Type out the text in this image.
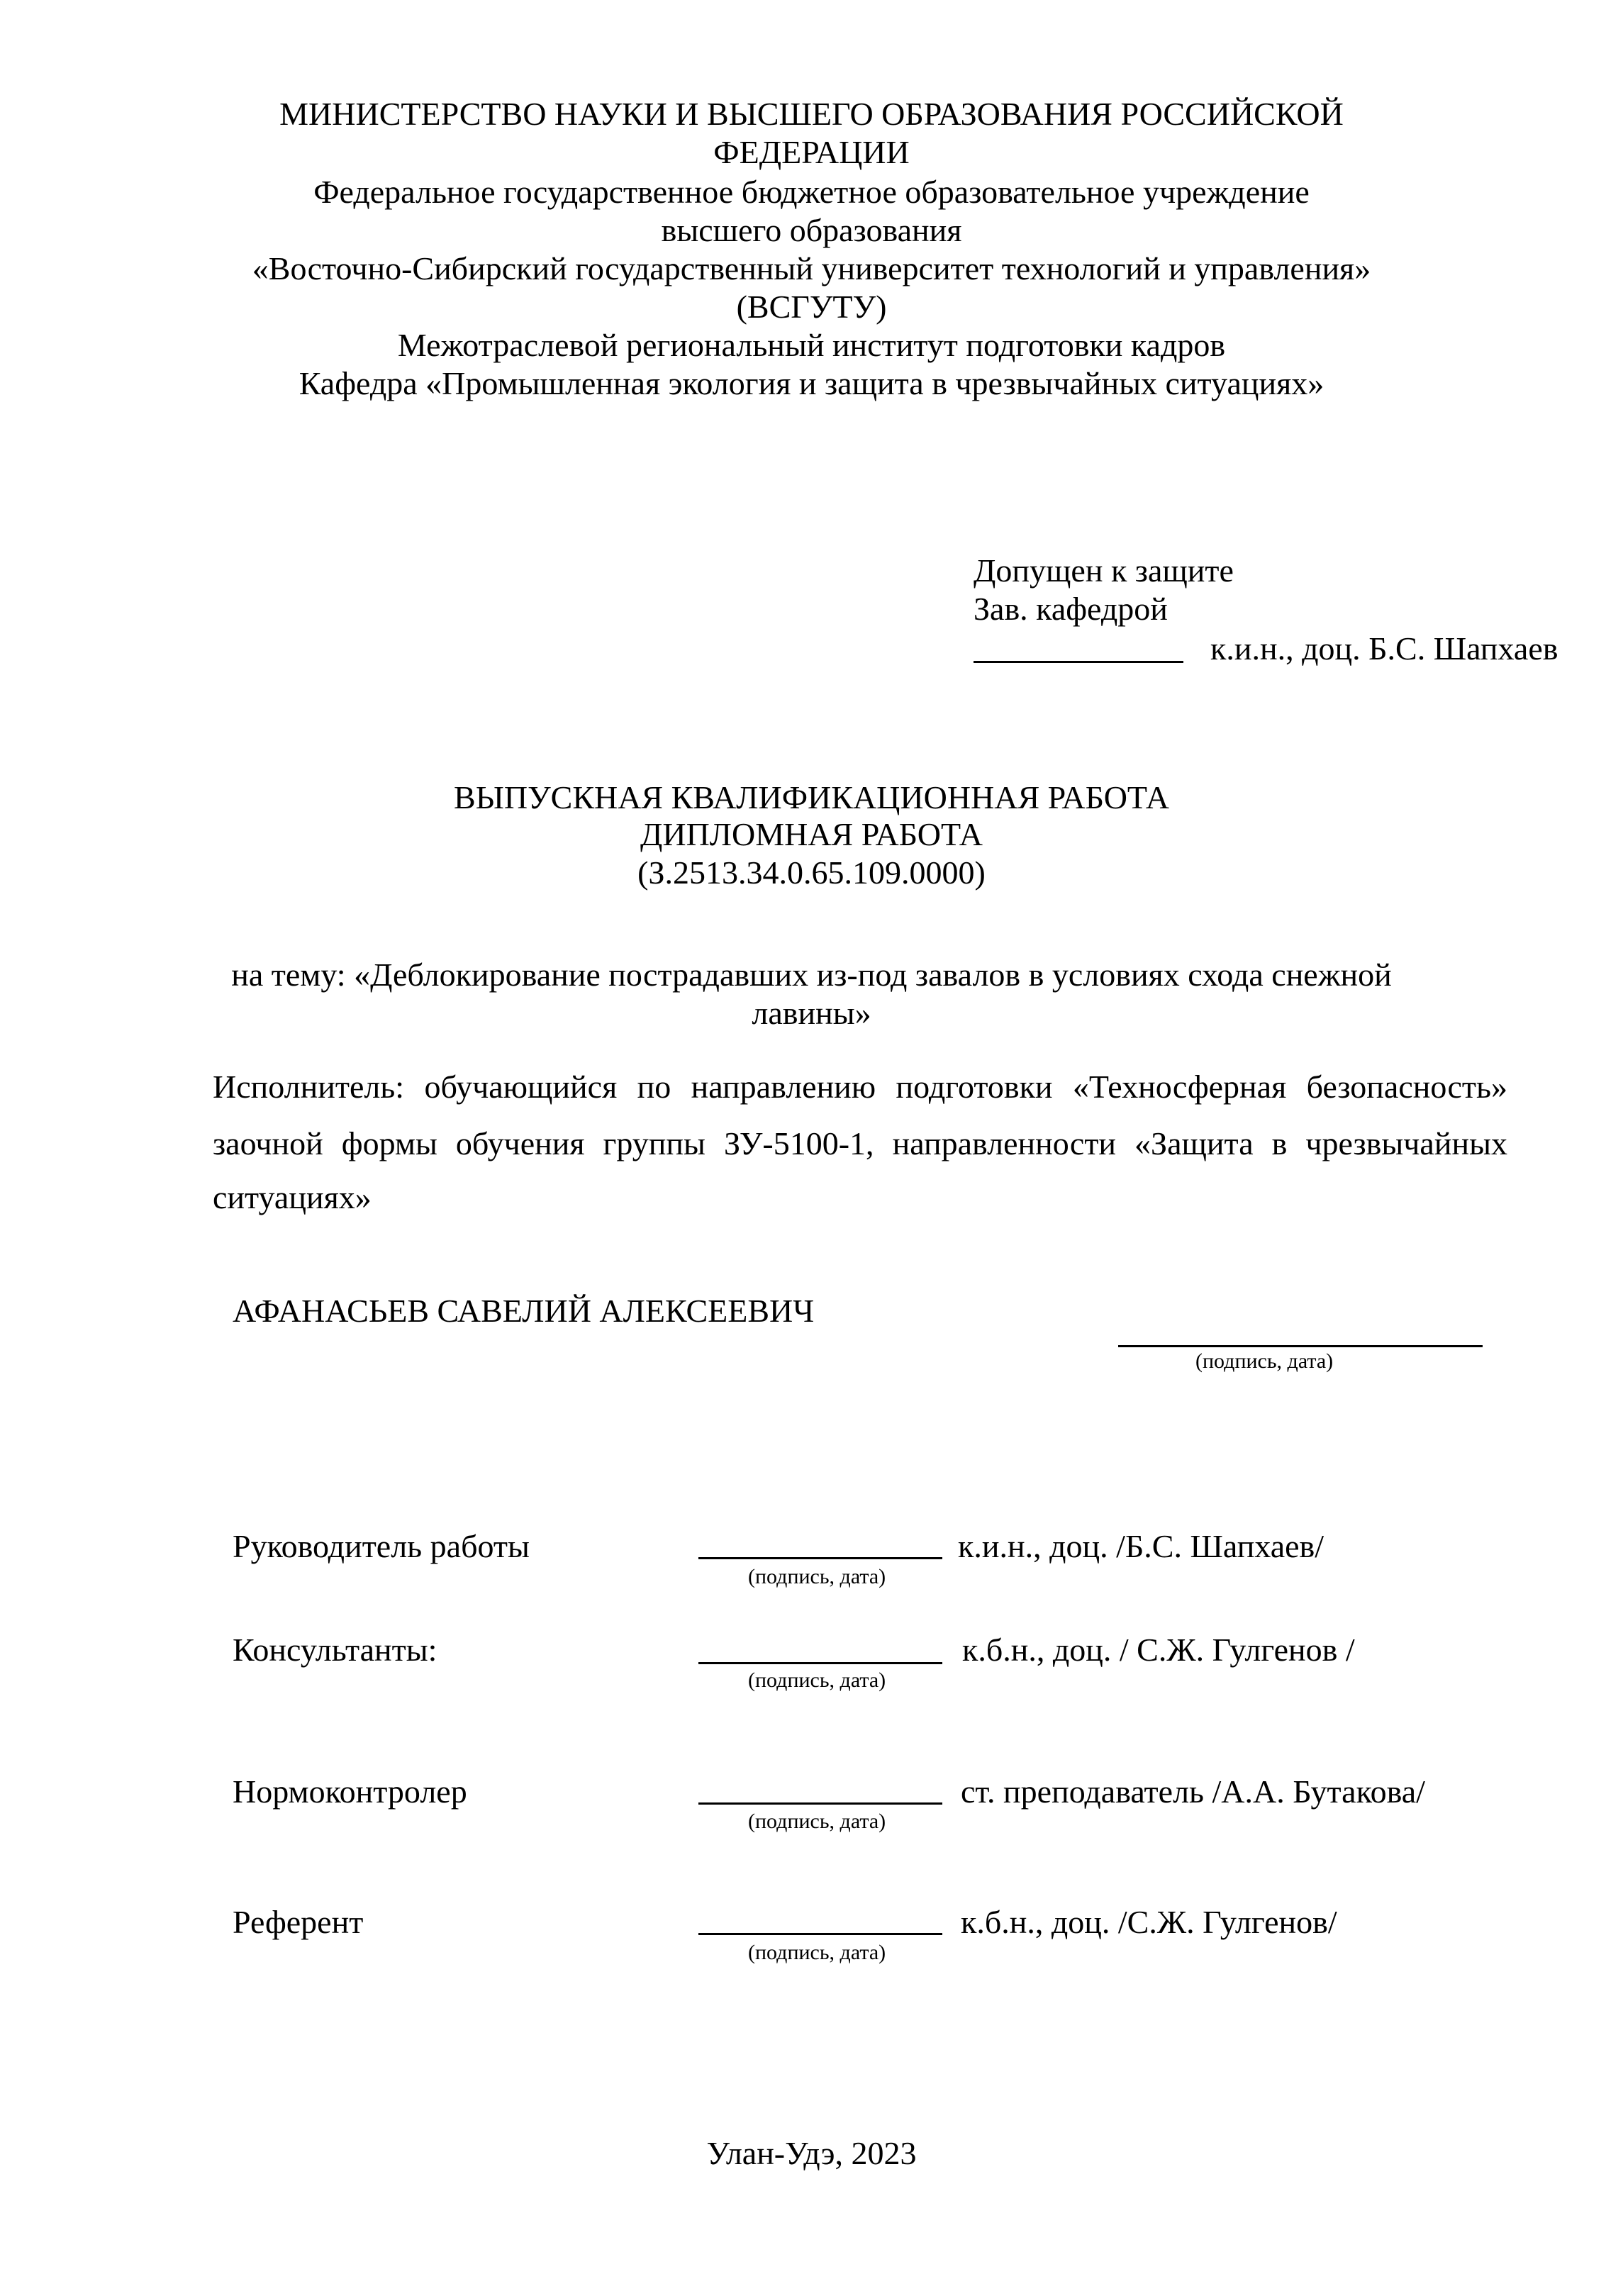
МИНИСТЕРСТВО НАУКИ И ВЫСШЕГО ОБРАЗОВАНИЯ РОССИЙСКОЙ
ФЕДЕРАЦИИ
Федеральное государственное бюджетное образовательное учреждение
высшего образования
«Восточно-Сибирский государственный университет технологий и управления»
(ВСГУТУ)
Межотраслевой региональный институт подготовки кадров
Кафедра «Промышленная экология и защита в чрезвычайных ситуациях»
Допущен к защите
Зав. кафедрой
к.и.н., доц. Б.С. Шапхаев
ВЫПУСКНАЯ КВАЛИФИКАЦИОННАЯ РАБОТА
ДИПЛОМНАЯ РАБОТА
(З.2513.34.0.65.109.0000)
на тему: «Деблокирование пострадавших из-под завалов в условиях схода снежной
лавины»
Исполнитель: обучающийся по направлению подготовки «Техносферная безопасность»
заочной формы обучения группы ЗУ-5100-1, направленности «Защита в чрезвычайных
ситуациях»
АФАНАСЬЕВ САВЕЛИЙ АЛЕКСЕЕВИЧ
(подпись, дата)
Руководитель работы	к.и.н., доц. /Б.С. Шапхаев/
(подпись, дата)
Консультанты:	к.б.н., доц. / С.Ж. Гулгенов /
(подпись, дата)
Нормоконтролер	ст. преподаватель /А.А. Бутакова/
(подпись, дата)
Референт	к.б.н., доц. /С.Ж. Гулгенов/
(подпись, дата)
Улан-Удэ, 2023
